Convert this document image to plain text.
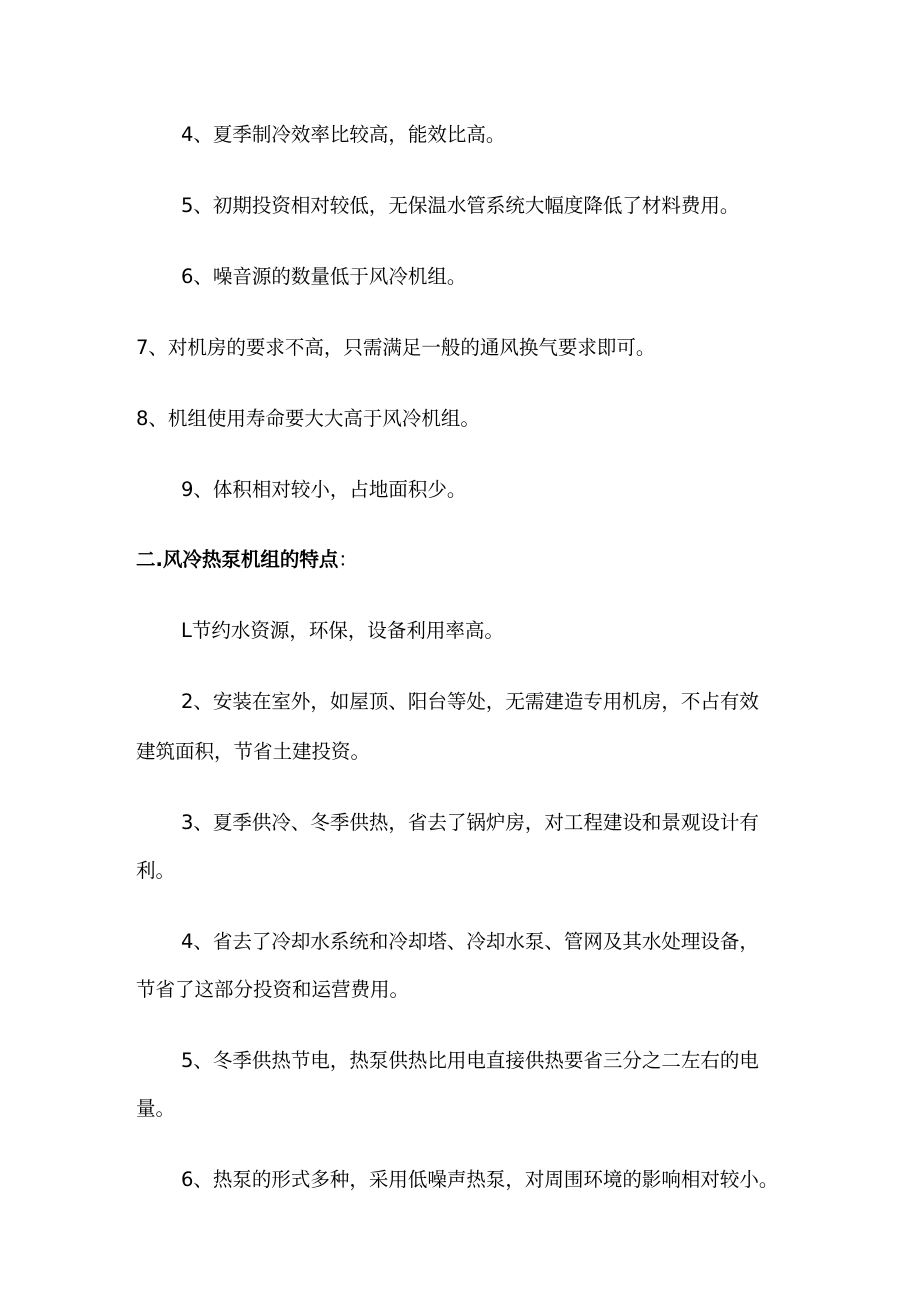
4、夏季制冷效率比较高，能效比高。

5、初期投资相对较低，无保温水管系统大幅度降低了材料费用。

6、噪音源的数量低于风冷机组。

7、对机房的要求不高，只需满足一般的通风换气要求即可。

8、机组使用寿命要大大高于风冷机组。

9、体积相对较小，占地面积少。

二.风冷热泵机组的特点：

L节约水资源，环保，设备利用率高。

2、安装在室外，如屋顶、阳台等处，无需建造专用机房，不占有效

建筑面积，节省土建投资。

3、夏季供冷、冬季供热，省去了锅炉房，对工程建设和景观设计有

利。

4、省去了冷却水系统和冷却塔、冷却水泵、管网及其水处理设备，

节省了这部分投资和运营费用。

5、冬季供热节电，热泵供热比用电直接供热要省三分之二左右的电

量。

6、热泵的形式多种，采用低噪声热泵，对周围环境的影响相对较小。
